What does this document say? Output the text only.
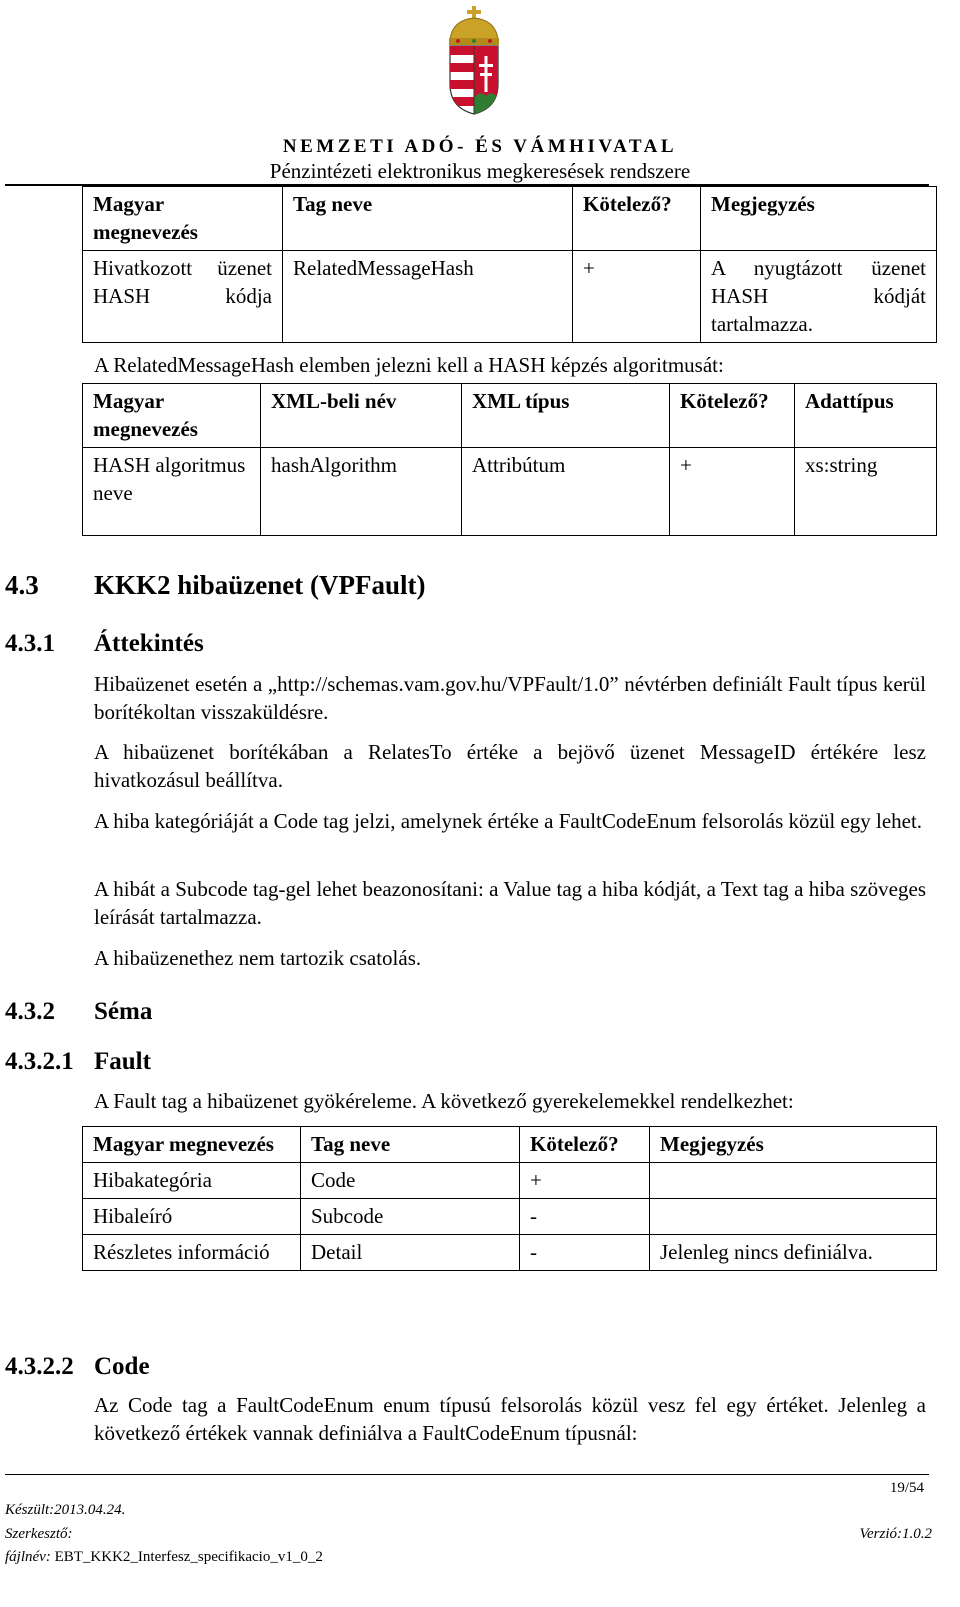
NEMZETI ADÓ- ÉS VÁMHIVATAL
Pénzintézeti elektronikus megkeresések rendszere
Magyar megnevezés	Tag neve	Kötelező?	Megjegyzés
Hivatkozott üzenet HASH kódja	RelatedMessageHash	+	A nyugtázott üzenet HASH kódját tartalmazza.
A RelatedMessageHash elemben jelezni kell a HASH képzés algoritmusát:
Magyar megnevezés	XML-beli név	XML típus	Kötelező?	Adattípus
HASH algoritmus neve	hashAlgorithm	Attribútum	+	xs:string
4.3 KKK2 hibaüzenet (VPFault)
4.3.1 Áttekintés
Hibaüzenet esetén a „http://schemas.vam.gov.hu/VPFault/1.0” névtérben definiált Fault típus kerül borítékoltan visszaküldésre.
A hibaüzenet borítékában a RelatesTo értéke a bejövő üzenet MessageID értékére lesz hivatkozásul beállítva.
A hiba kategóriáját a Code tag jelzi, amelynek értéke a FaultCodeEnum felsorolás közül egy lehet.
A hibát a Subcode tag-gel lehet beazonosítani: a Value tag a hiba kódját, a Text tag a hiba szöveges leírását tartalmazza.
A hibaüzenethez nem tartozik csatolás.
4.3.2 Séma
4.3.2.1 Fault
A Fault tag a hibaüzenet gyökéreleme. A következő gyerekelemekkel rendelkezhet:
Magyar megnevezés	Tag neve	Kötelező?	Megjegyzés
Hibakategória	Code	+	
Hibaleíró	Subcode	-	
Részletes információ	Detail	-	Jelenleg nincs definiálva.
4.3.2.2 Code
Az Code tag a FaultCodeEnum enum típusú felsorolás közül vesz fel egy értéket. Jelenleg a következő értékek vannak definiálva a FaultCodeEnum típusnál:
19/54
Készült:2013.04.24.
Szerkesztő:	Verzió:1.0.2
fájlnév: EBT_KKK2_Interfesz_specifikacio_v1_0_2
